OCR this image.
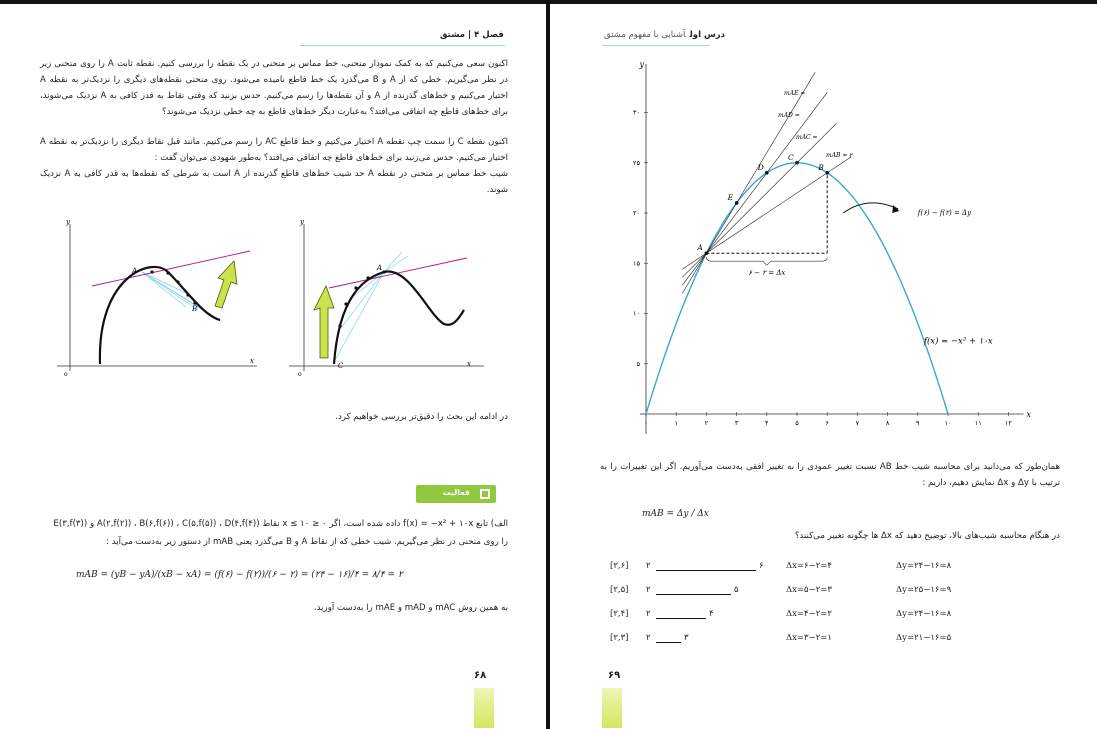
فصل ۴ | مشتق
اکنون سعی می‌کنیم که به کمک نمودار منحنی، خط مماس بر منحنی در یک نقطه را بررسی کنیم. نقطه ثابت A را روی منحنی زیر در نظر می‌گیریم. خطی که از A و B می‌گذرد یک خط قاطع نامیده می‌شود. روی منحنی نقطه‌های دیگری را نزدیک‌تر به نقطه A اختیار می‌کنیم و خط‌های گذرنده از A و آن نقطه‌ها را رسم می‌کنیم. حدس بزنید که وقتی نقاط به قدر کافی به A نزدیک می‌شوند، برای خط‌های قاطع چه اتفاقی می‌افتد؟ به‌عبارت دیگر خط‌های قاطع به چه خطی نزدیک می‌شوند؟
اکنون نقطه C را سمت چپ نقطه A اختیار می‌کنیم و خط قاطع AC را رسم می‌کنیم. مانند قبل نقاط دیگری را نزدیک‌تر به نقطه A اختیار می‌کنیم. حدس می‌زنید برای خط‌های قاطع چه اتفاقی می‌افتد؟ به‌طور شهودی می‌توان گفت :
شیب خط مماس بر منحنی در نقطه A حد شیب خط‌های قاطع گذرنده از A است به شرطی که نقطه‌ها به قدر کافی به A نزدیک شوند.
y
x
o
A
B
y
x
o
A
C
در ادامه این بحث را دقیق‌تر بررسی خواهیم کرد.
فعالیت
الف) تابع f(x) = −x² + ۱۰x داده شده است، اگر ۰ ≤ x ≤ ۱۰ نقاط A(۲,f(۲)) ، B(۶,f(۶)) ، C(۵,f(۵)) ، D(۴,f(۴)) و E(۳,f(۳))
را روی منحنی در نظر می‌گیریم. شیب خطی که از نقاط A و B می‌گذرد یعنی mAB از دستور زیر به‌دست می‌آید :
mAB = (yB − yA)/(xB − xA) = (f(۶) − f(۲))/(۶ − ۲) = (۲۴ − ۱۶)/۴ = ۸/۴ = ۲
به همین روش mAC و mAD و mAE را به‌دست آورید.
۶۸
درس اولآشنایی با مفهوم مشتق
y
x
۰	۱	۲	۳	۴	۵	۶	۷	۸	۹	۱۰	۱۱	۱۲
۵
۱۰
۱۵
۲۰
۲۵
۳۰
mAE =
mAD =
mAC =
mAB = ۲
A
E
D
C
B
۶ − ۲ = Δx
f(۶) − f(۲) = Δy
f(x) = −x² + ۱۰x
همان‌طور که می‌دانید برای محاسبه شیب خط AB نسبت تغییر عمودی را به تغییر افقی به‌دست می‌آوریم. اگر این تغییرات را به ترتیب با Δy و Δx نمایش دهیم، داریم :
mAB = Δy / Δx
در هنگام محاسبه شیب‌های بالا، توضیح دهید که Δx ها چگونه تغییر می‌کنند؟
[۲,۶] ۲	۶	Δx=۶−۲=۴	Δy=۲۴−۱۶=۸
[۲,۵] ۲	۵	Δx=۵−۲=۳	Δy=۲۵−۱۶=۹
[۲,۴] ۲	۴	Δx=۴−۲=۲	Δy=۲۴−۱۶=۸
[۲,۳] ۲	۳	Δx=۳−۲=۱	Δy=۲۱−۱۶=۵
۶۹
